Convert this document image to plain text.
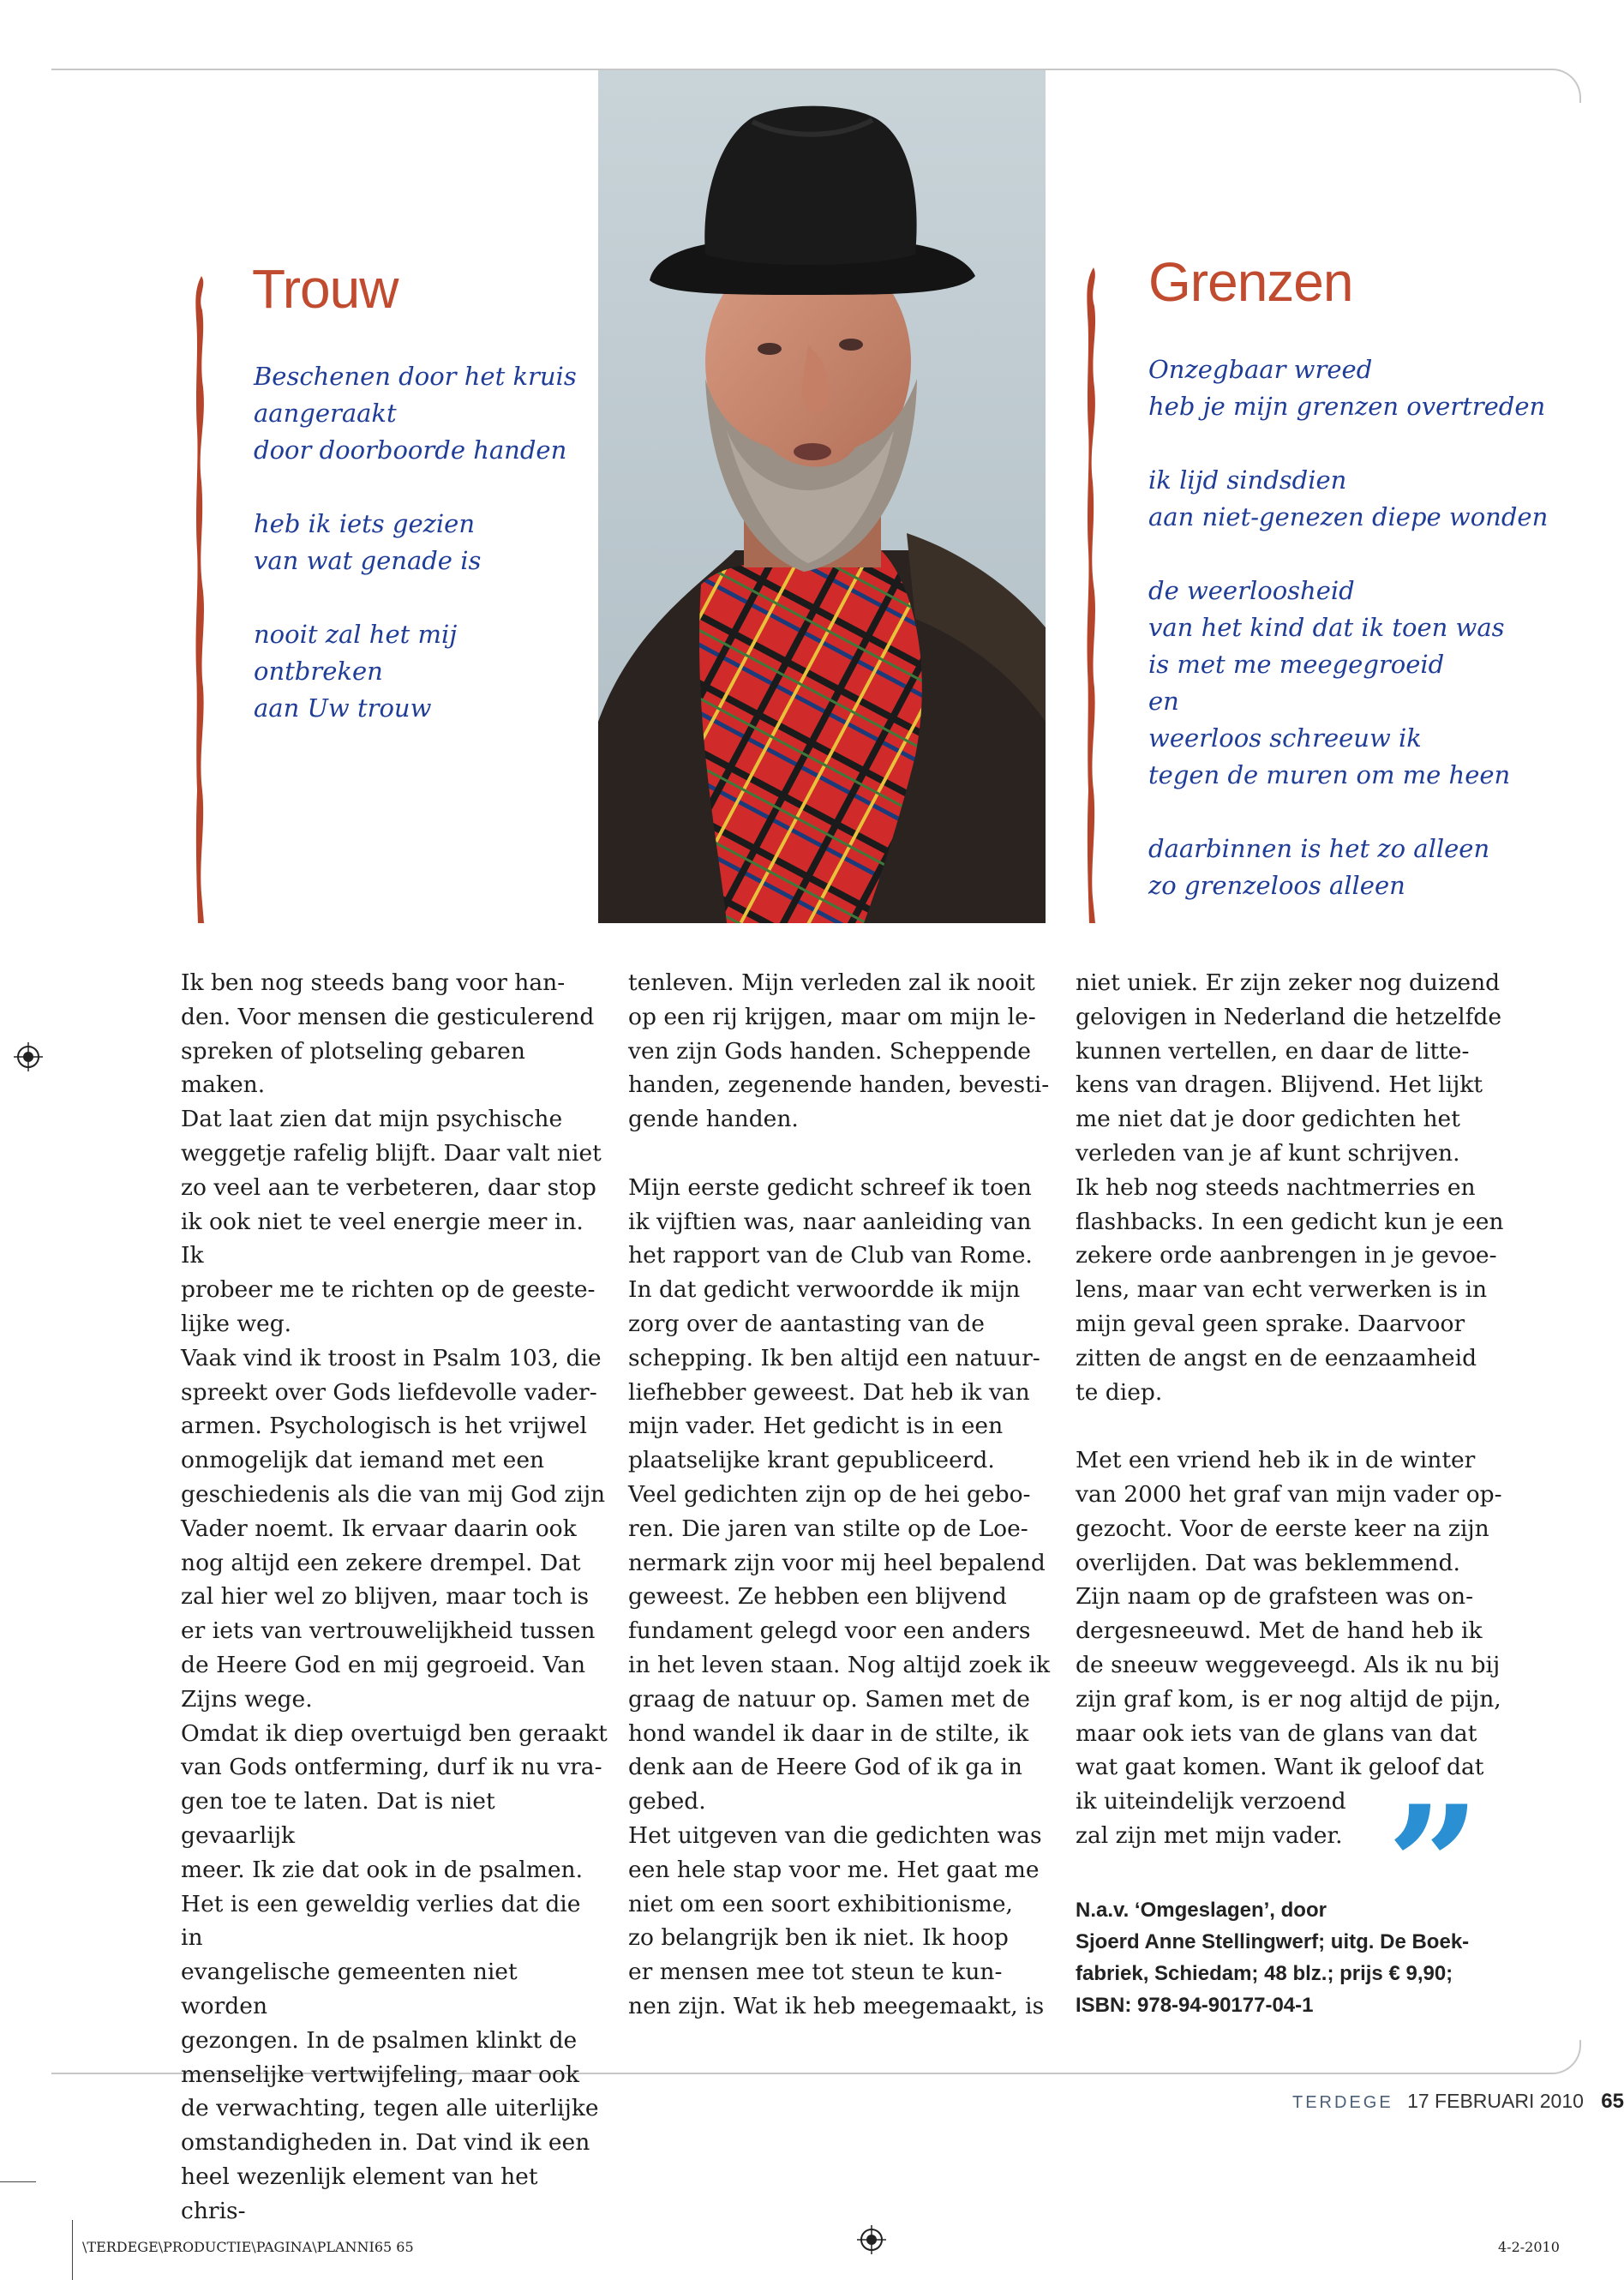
Trouw
Beschenen door het kruis
aangeraakt
door doorboorde handen
heb ik iets gezien
van wat genade is
nooit zal het mij
ontbreken
aan Uw trouw
Grenzen
Onzegbaar wreed
heb je mijn grenzen overtreden
ik lijd sindsdien
aan niet-genezen diepe wonden
de weerloosheid
van het kind dat ik toen was
is met me meegegroeid
en
weerloos schreeuw ik
tegen de muren om me heen
daarbinnen is het zo alleen
zo grenzeloos alleen

Ik ben nog steeds bang voor han-
den. Voor mensen die gesticulerend
spreken of plotseling gebaren maken.
Dat laat zien dat mijn psychische
weggetje rafelig blijft. Daar valt niet
zo veel aan te verbeteren, daar stop
ik ook niet te veel energie meer in. Ik
probeer me te richten op de geeste-
lijke weg.

Vaak vind ik troost in Psalm 103, die
spreekt over Gods liefdevolle vader-
armen. Psychologisch is het vrijwel
onmogelijk dat iemand met een
geschiedenis als die van mij God zijn
Vader noemt. Ik ervaar daarin ook
nog altijd een zekere drempel. Dat
zal hier wel zo blijven, maar toch is
er iets van vertrouwelijkheid tussen
de Heere God en mij gegroeid. Van
Zijns wege.

Omdat ik diep overtuigd ben geraakt
van Gods ontferming, durf ik nu vra-
gen toe te laten. Dat is niet gevaarlijk
meer. Ik zie dat ook in de psalmen.
Het is een geweldig verlies dat die in
evangelische gemeenten niet worden
gezongen. In de psalmen klinkt de
menselijke vertwijfeling, maar ook
de verwachting, tegen alle uiterlijke
omstandigheden in. Dat vind ik een
heel wezenlijk element van het chris-

tenleven. Mijn verleden zal ik nooit
op een rij krijgen, maar om mijn le-
ven zijn Gods handen. Scheppende
handen, zegenende handen, bevesti-
gende handen.

Mijn eerste gedicht schreef ik toen
ik vijftien was, naar aanleiding van
het rapport van de Club van Rome.
In dat gedicht verwoordde ik mijn
zorg over de aantasting van de
schepping. Ik ben altijd een natuur-
liefhebber geweest. Dat heb ik van
mijn vader. Het gedicht is in een
plaatselijke krant gepubliceerd.

Veel gedichten zijn op de hei gebo-
ren. Die jaren van stilte op de Loe-
nermark zijn voor mij heel bepalend
geweest. Ze hebben een blijvend
fundament gelegd voor een anders
in het leven staan. Nog altijd zoek ik
graag de natuur op. Samen met de
hond wandel ik daar in de stilte, ik
denk aan de Heere God of ik ga in
gebed.

Het uitgeven van die gedichten was
een hele stap voor me. Het gaat me
niet om een soort exhibitionisme,
zo belangrijk ben ik niet. Ik hoop
er mensen mee tot steun te kun-
nen zijn. Wat ik heb meegemaakt, is

niet uniek. Er zijn zeker nog duizend
gelovigen in Nederland die hetzelfde
kunnen vertellen, en daar de litte-
kens van dragen. Blijvend. Het lijkt
me niet dat je door gedichten het
verleden van je af kunt schrijven.

Ik heb nog steeds nachtmerries en
flashbacks. In een gedicht kun je een
zekere orde aanbrengen in je gevoe-
lens, maar van echt verwerken is in
mijn geval geen sprake. Daarvoor
zitten de angst en de eenzaamheid
te diep.

Met een vriend heb ik in de winter
van 2000 het graf van mijn vader op-
gezocht. Voor de eerste keer na zijn
overlijden. Dat was beklemmend.
Zijn naam op de grafsteen was on-
dergesneeuwd. Met de hand heb ik
de sneeuw weggeveegd. Als ik nu bij
zijn graf kom, is er nog altijd de pijn,
maar ook iets van de glans van dat
wat gaat komen. Want ik geloof dat
ik uiteindelijk verzoend
zal zijn met mijn vader. ”
N.a.v. ‘Omgeslagen’, door
Sjoerd Anne Stellingwerf; uitg. De Boek-
fabriek, Schiedam; 48 blz.; prijs € 9,90;
ISBN: 978-94-90177-04-1
TERDEGE 17 FEBRUARI 2010 65
\TERDEGE\PRODUCTIE\PAGINA\PLANNI65 65	4-2-2010
